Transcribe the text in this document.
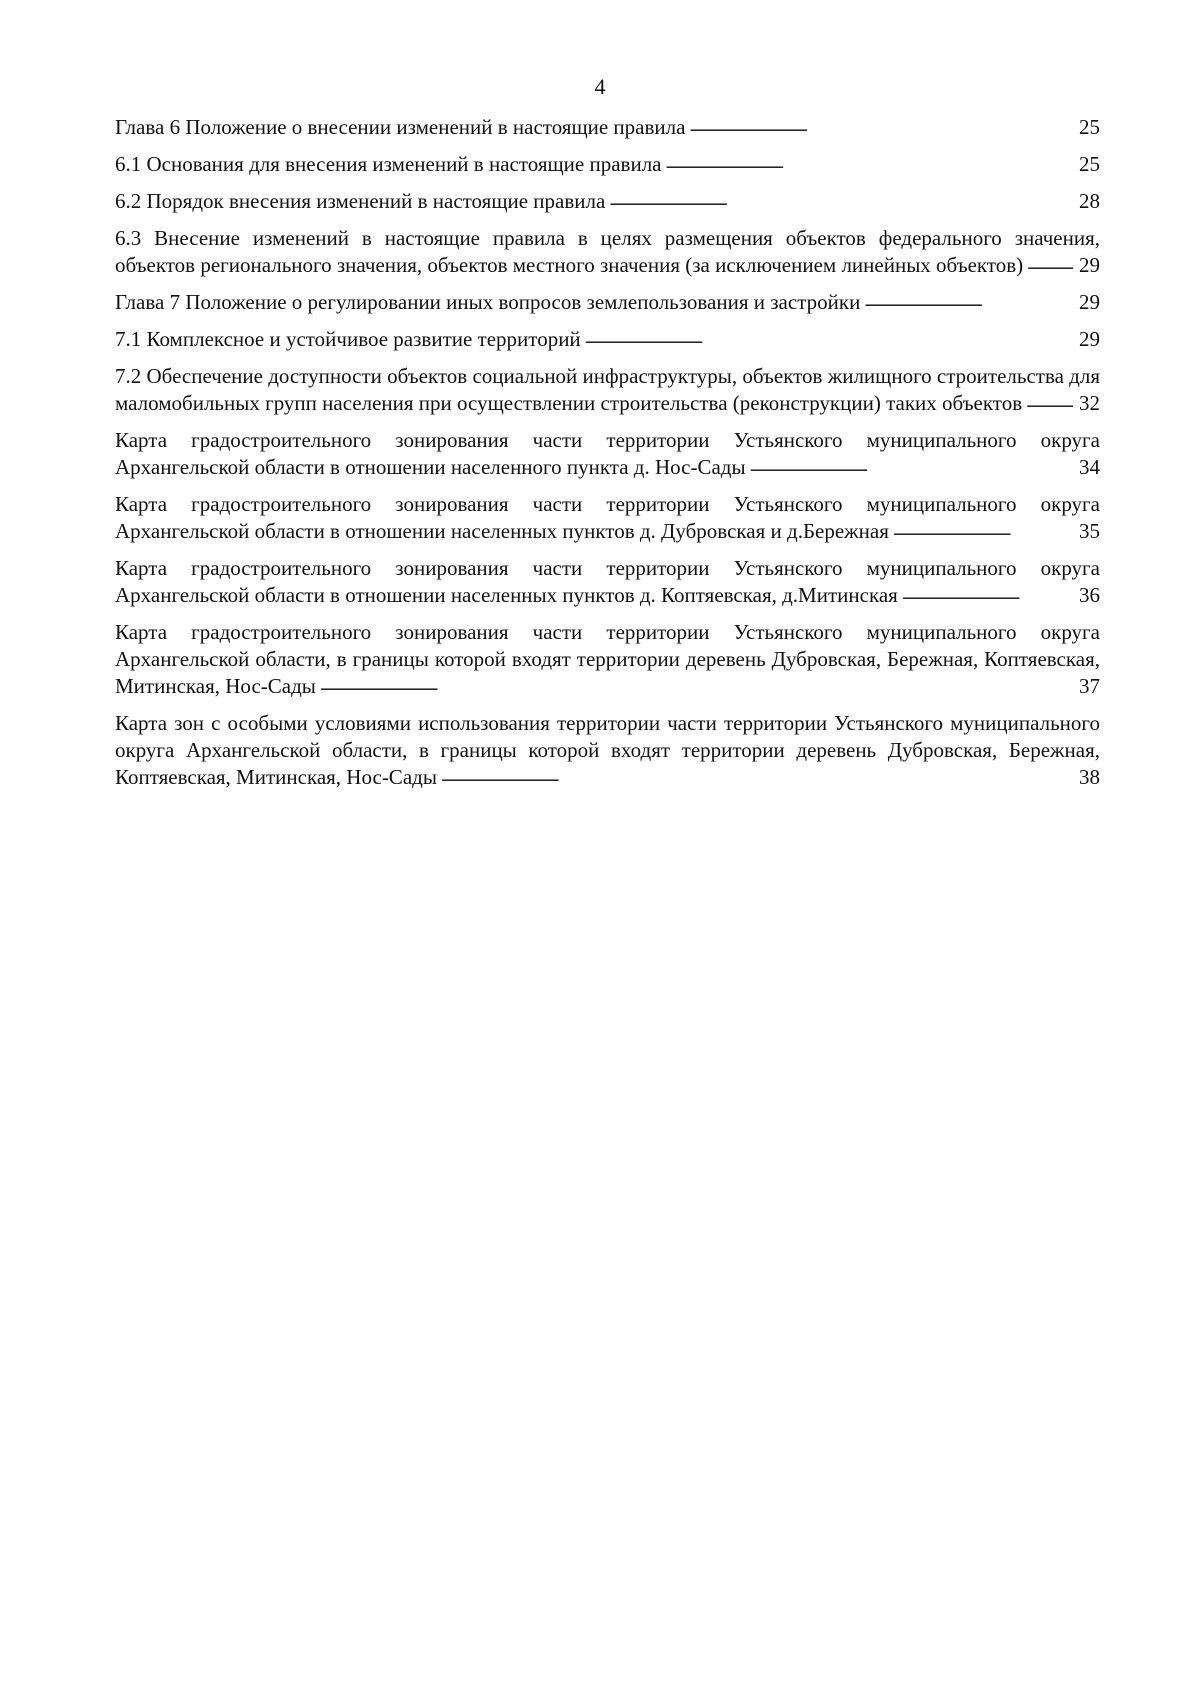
4
Глава 6 Положение о внесении изменений в настоящие правила . . .	25
6.1 Основания для внесения изменений в настоящие правила . . .	25
6.2 Порядок внесения изменений в настоящие правила . . .	28
6.3 Внесение изменений в настоящие правила в целях размещения объектов федерального значения, объектов регионального значения, объектов местного значения (за исключением линейных объектов) . . .	29
Глава 7 Положение о регулировании иных вопросов землепользования и застройки . . .	29
7.1 Комплексное и устойчивое развитие территорий . . .	29
7.2 Обеспечение доступности объектов социальной инфраструктуры, объектов жилищного строительства для маломобильных групп населения при осуществлении строительства (реконструкции) таких объектов . . .	32
Карта градостроительного зонирования части территории Устьянского муниципального округа Архангельской области в отношении населенного пункта д. Нос-Сады . . .	34
Карта градостроительного зонирования части территории Устьянского муниципального округа Архангельской области в отношении населенных пунктов д. Дубровская и д.Бережная . . .	35
Карта градостроительного зонирования части территории Устьянского муниципального округа Архангельской области в отношении населенных пунктов д. Коптяевская, д.Митинская . . .	36
Карта градостроительного зонирования части территории Устьянского муниципального округа Архангельской области, в границы которой входят территории деревень Дубровская, Бережная, Коптяевская, Митинская, Нос-Сады . . .	37
Карта зон с особыми условиями использования территории части территории Устьянского муниципального округа Архангельской области, в границы которой входят территории деревень Дубровская, Бережная, Коптяевская, Митинская, Нос-Сады . . .	38
